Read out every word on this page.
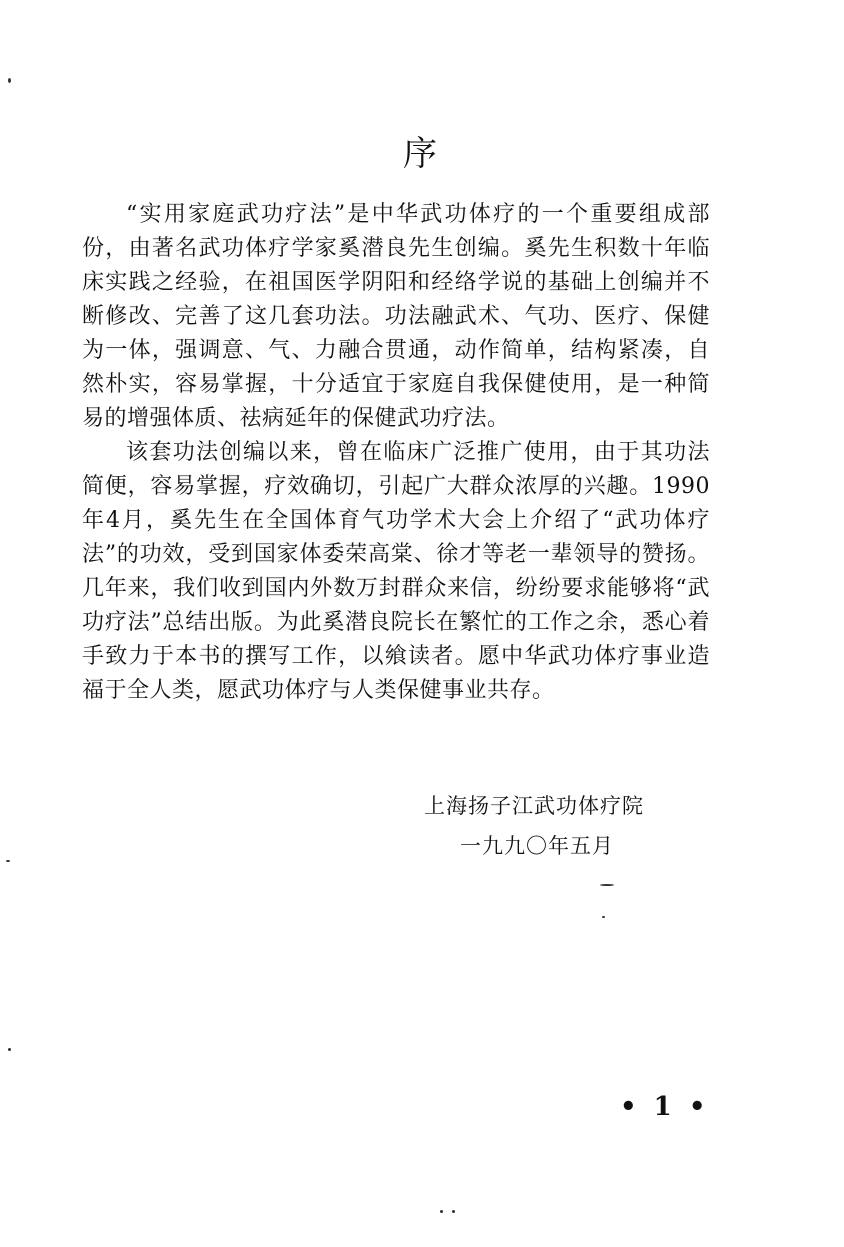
序

“实用家庭武功疗法”是中华武功体疗的一个重要组成部份，由著名武功体疗学家奚潜良先生创编。奚先生积数十年临床实践之经验，在祖国医学阴阳和经络学说的基础上创编并不断修改、完善了这几套功法。功法融武术、气功、医疗、保健为一体，强调意、气、力融合贯通，动作简单，结构紧凑，自然朴实，容易掌握，十分适宜于家庭自我保健使用，是一种简易的增强体质、祛病延年的保健武功疗法。

该套功法创编以来，曾在临床广泛推广使用，由于其功法简便，容易掌握，疗效确切，引起广大群众浓厚的兴趣。1990年4月，奚先生在全国体育气功学术大会上介绍了“武功体疗法”的功效，受到国家体委荣高棠、徐才等老一辈领导的赞扬。几年来，我们收到国内外数万封群众来信，纷纷要求能够将“武功疗法”总结出版。为此奚潜良院长在繁忙的工作之余，悉心着手致力于本书的撰写工作，以飨读者。愿中华武功体疗事业造福于全人类，愿武功体疗与人类保健事业共存。

上海扬子江武功体疗院
一九九〇年五月
• 1 •
